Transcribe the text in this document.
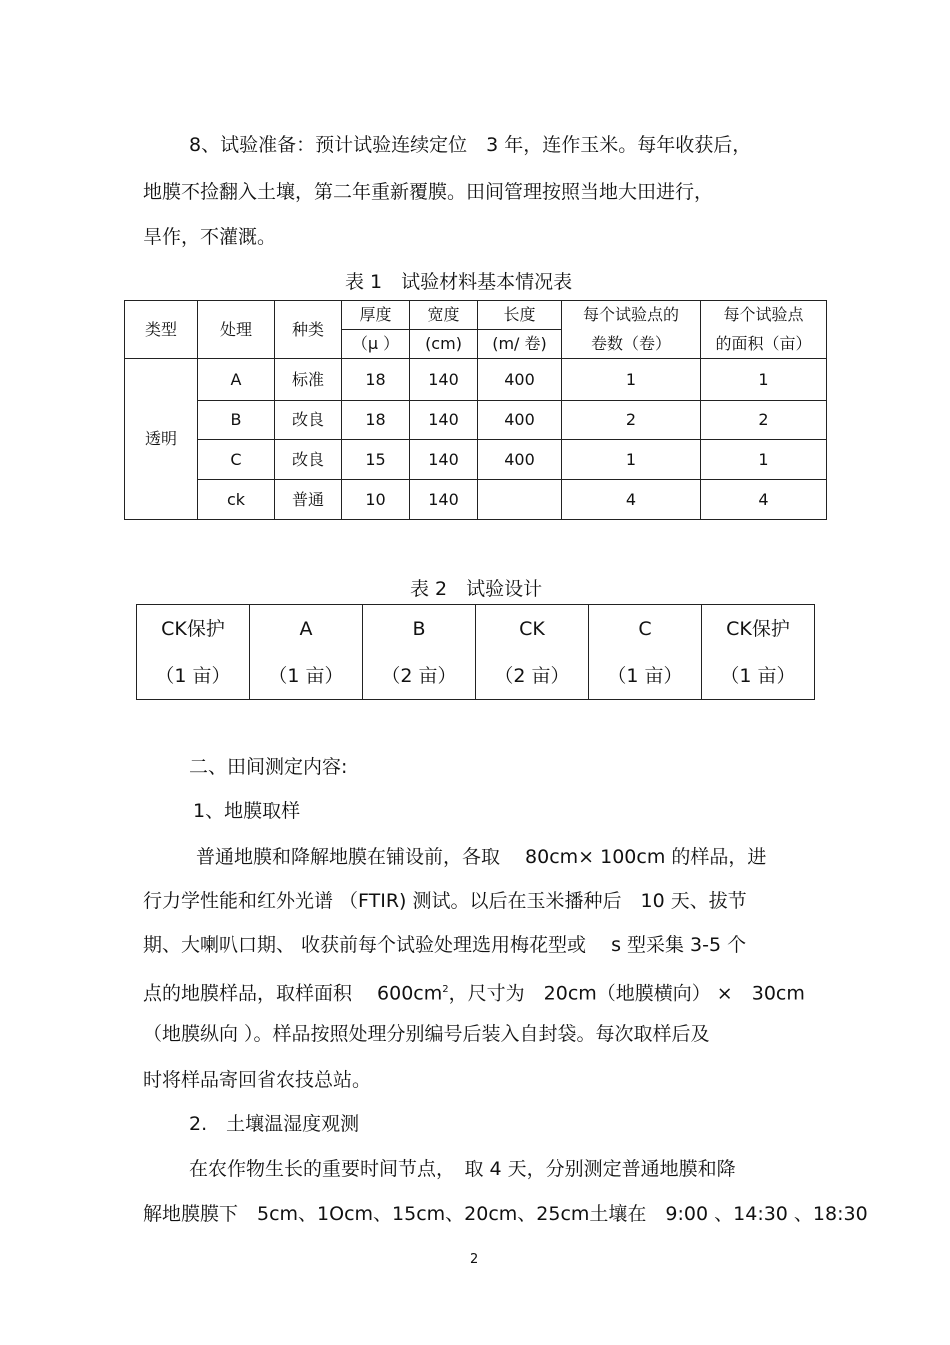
8、试验准备：预计试验连续定位　3 年，连作玉米。每年收获后，
地膜不捡翻入土壤，第二年重新覆膜。田间管理按照当地大田进行，
旱作，不灌溉。
表 1　试验材料基本情况表
类型	处理	种类	厚度	宽度	长度	每个试验点的	每个试验点
			（μ ）	(cm)	(m/ 卷)	卷数（卷）	的面积（亩）
透明	A	标准	18	140	400	1	1
	B	改良	18	140	400	2	2
	C	改良	15	140	400	1	1
	ck	普通	10	140		4	4
表 2　试验设计
CK保护	A	B	CK	C	CK保护
（1 亩）	（1 亩）	（2 亩）	（2 亩）	（1 亩）	（1 亩）
二、田间测定内容:
1、地膜取样
普通地膜和降解地膜在铺设前，各取　 80cm× 100cm 的样品，进
行力学性能和红外光谱 （FTIR) 测试。以后在玉米播种后　10 天、拔节
期、大喇叭口期、 收获前每个试验处理选用梅花型或　 s 型采集 3-5 个
点的地膜样品，取样面积　 $600cm^2$，尺寸为　20cm（地膜横向） ×　30cm
（地膜纵向 ）。样品按照处理分别编号后装入自封袋。每次取样后及
时将样品寄回省农技总站。
2.　土壤温湿度观测
在农作物生长的重要时间节点，　取 4 天，分别测定普通地膜和降
解地膜膜下　5cm、1Ocm、15cm、20cm、25cm土壤在　9:00 、14:30 、18:30
2
